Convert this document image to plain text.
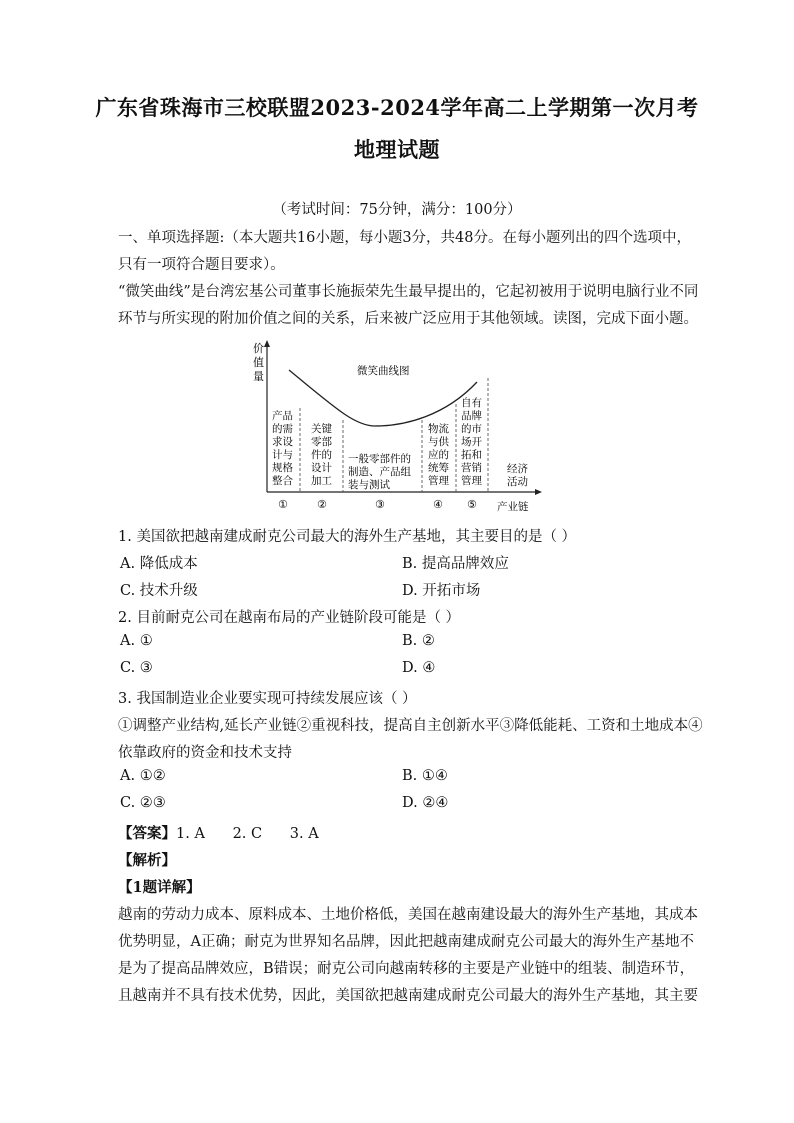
广东省珠海市三校联盟2023-2024学年高二上学期第一次月考
地理试题
（考试时间：75分钟，满分：100分）
一、单项选择题:（本大题共16小题，每小题3分，共48分。在每小题列出的四个选项中，
只有一项符合题目要求）。
“微笑曲线”是台湾宏基公司董事长施振荣先生最早提出的，它起初被用于说明电脑行业不同
环节与所实现的附加价值之间的关系，后来被广泛应用于其他领域。读图，完成下面小题。
价
值
量	微笑曲线图
产品
的需
求设
计与
规格
整合
关键
零部
件的
设计
加工
一般零部件的
制造、产品组
装与测试
物流
与供
应的
统筹
管理
自有
品牌
的市
场开
拓和
营销
管理
经济
活动
①	②	③	④ ⑤ 产业链
1. 美国欲把越南建成耐克公司最大的海外生产基地，其主要目的是（ ）
A. 降低成本	B. 提高品牌效应
C. 技术升级	D. 开拓市场
2. 目前耐克公司在越南布局的产业链阶段可能是（ ）
A. ①	B. ②
C. ③	D. ④
3. 我国制造业企业要实现可持续发展应该（ ）
①调整产业结构,延长产业链②重视科技，提高自主创新水平③降低能耗、工资和土地成本④
依靠政府的资金和技术支持
A. ①②	B. ①④
C. ②③	D. ②④
【答案】1. A      2. C      3. A
【解析】
【1题详解】
越南的劳动力成本、原料成本、土地价格低，美国在越南建设最大的海外生产基地，其成本
优势明显，A正确；耐克为世界知名品牌，因此把越南建成耐克公司最大的海外生产基地不
是为了提高品牌效应，B错误；耐克公司向越南转移的主要是产业链中的组装、制造环节，
且越南并不具有技术优势，因此，美国欲把越南建成耐克公司最大的海外生产基地，其主要
